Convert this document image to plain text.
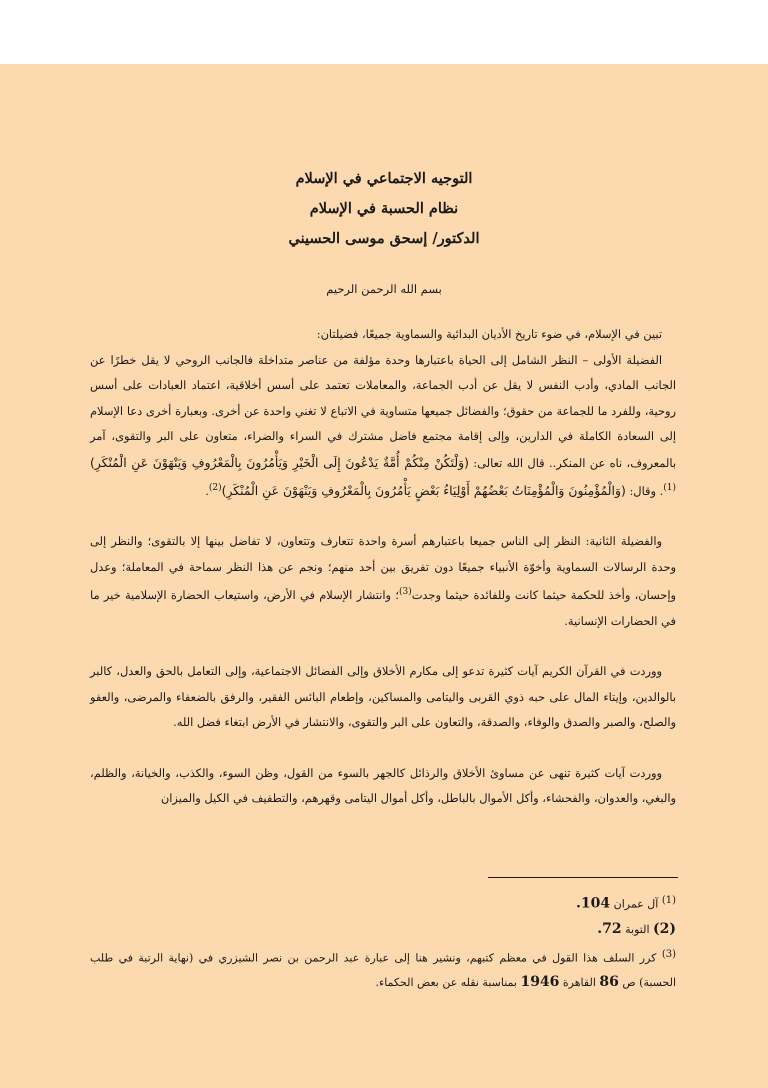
التوجيه الاجتماعي في الإسلام
نظام الحسبة في الإسلام
الدكتور/ إسحق موسى الحسيني
بسم الله الرحمن الرحيم

تبين في الإسلام، في ضوء تاريخ الأديان البدائية والسماوية جميعًا، فضيلتان:

الفضيلة الأولى – النظر الشامل إلى الحياة باعتبارها وحدة مؤلفة من عناصر متداخلة فالجانب الروحي لا يقل خطرًا عن الجانب المادي، وأدب النفس لا يقل عن أدب الجماعة، والمعاملات تعتمد على أسس أخلاقية، اعتماد العبادات على أسس روحية، وللفرد ما للجماعة من حقوق؛ والفضائل جميعها متساوية في الاتباع لا تغني واحدة عن أخرى. وبعبارة أخرى دعا الإسلام إلى السعادة الكاملة في الدارين، وإلى إقامة مجتمع فاضل مشترك في السراء والضراء، متعاون على البر والتقوى، آمر بالمعروف، ناه عن المنكر.. قال الله تعالى: (وَلْتَكُنْ مِنْكُمْ أُمَّةٌ يَدْعُونَ إِلَى الْخَيْرِ وَيَأْمُرُونَ بِالْمَعْرُوفِ وَيَنْهَوْنَ عَنِ الْمُنْكَرِ)$^{(1)}$. وقال: (وَالْمُؤْمِنُونَ وَالْمُؤْمِنَاتُ بَعْضُهُمْ أَوْلِيَاءُ بَعْضٍ يَأْمُرُونَ بِالْمَعْرُوفِ وَيَنْهَوْنَ عَنِ الْمُنْكَرِ)$^{(2)}$.

والفضيلة الثانية: النظر إلى الناس جميعا باعتبارهم أسرة واحدة تتعارف وتتعاون، لا تفاضل بينها إلا بالتقوى؛ والنظر إلى وحدة الرسالات السماوية وأخوّة الأنبياء جميعًا دون تفريق بين أحد منهم؛ ونجم عن هذا النظر سماحة في المعاملة؛ وعدل وإحسان، وأخذ للحكمة حيثما كانت وللفائدة حيثما وجدت$^{(3)}$؛ وانتشار الإسلام في الأرض، واستيعاب الحضارة الإسلامية خير ما في الحضارات الإنسانية.

ووردت في القرآن الكريم آيات كثيرة تدعو إلى مكارم الأخلاق وإلى الفضائل الاجتماعية، وإلى التعامل بالحق والعدل، كالبر بالوالدين، وإيتاء المال على حبه ذوي القربى واليتامى والمساكين، وإطعام البائس الفقير، والرفق بالضعفاء والمرضى، والعفو والصلح، والصبر والصدق والوفاء، والصدقة، والتعاون على البر والتقوى، والانتشار في الأرض ابتغاء فضل الله.

ووردت آيات كثيرة تنهى عن مساوئ الأخلاق والرذائل كالجهر بالسوء من القول، وظن السوء، والكذب، والخيانة، والظلم، والبغي، والعدوان، والفحشاء، وأكل الأموال بالباطل، وأكل أموال اليتامى وقهرهم، والتطفيف في الكيل والميزان

(1) آل عمران 104.
(2) التوبة 72.
(3) كرر السلف هذا القول في معظم كتبهم، ونشير هنا إلى عبارة عبد الرحمن بن نصر الشيزري في (نهاية الرتبة في طلب الحسبة) ص 86 القاهرة 1946 بمناسبة نقله عن بعض الحكماء.
